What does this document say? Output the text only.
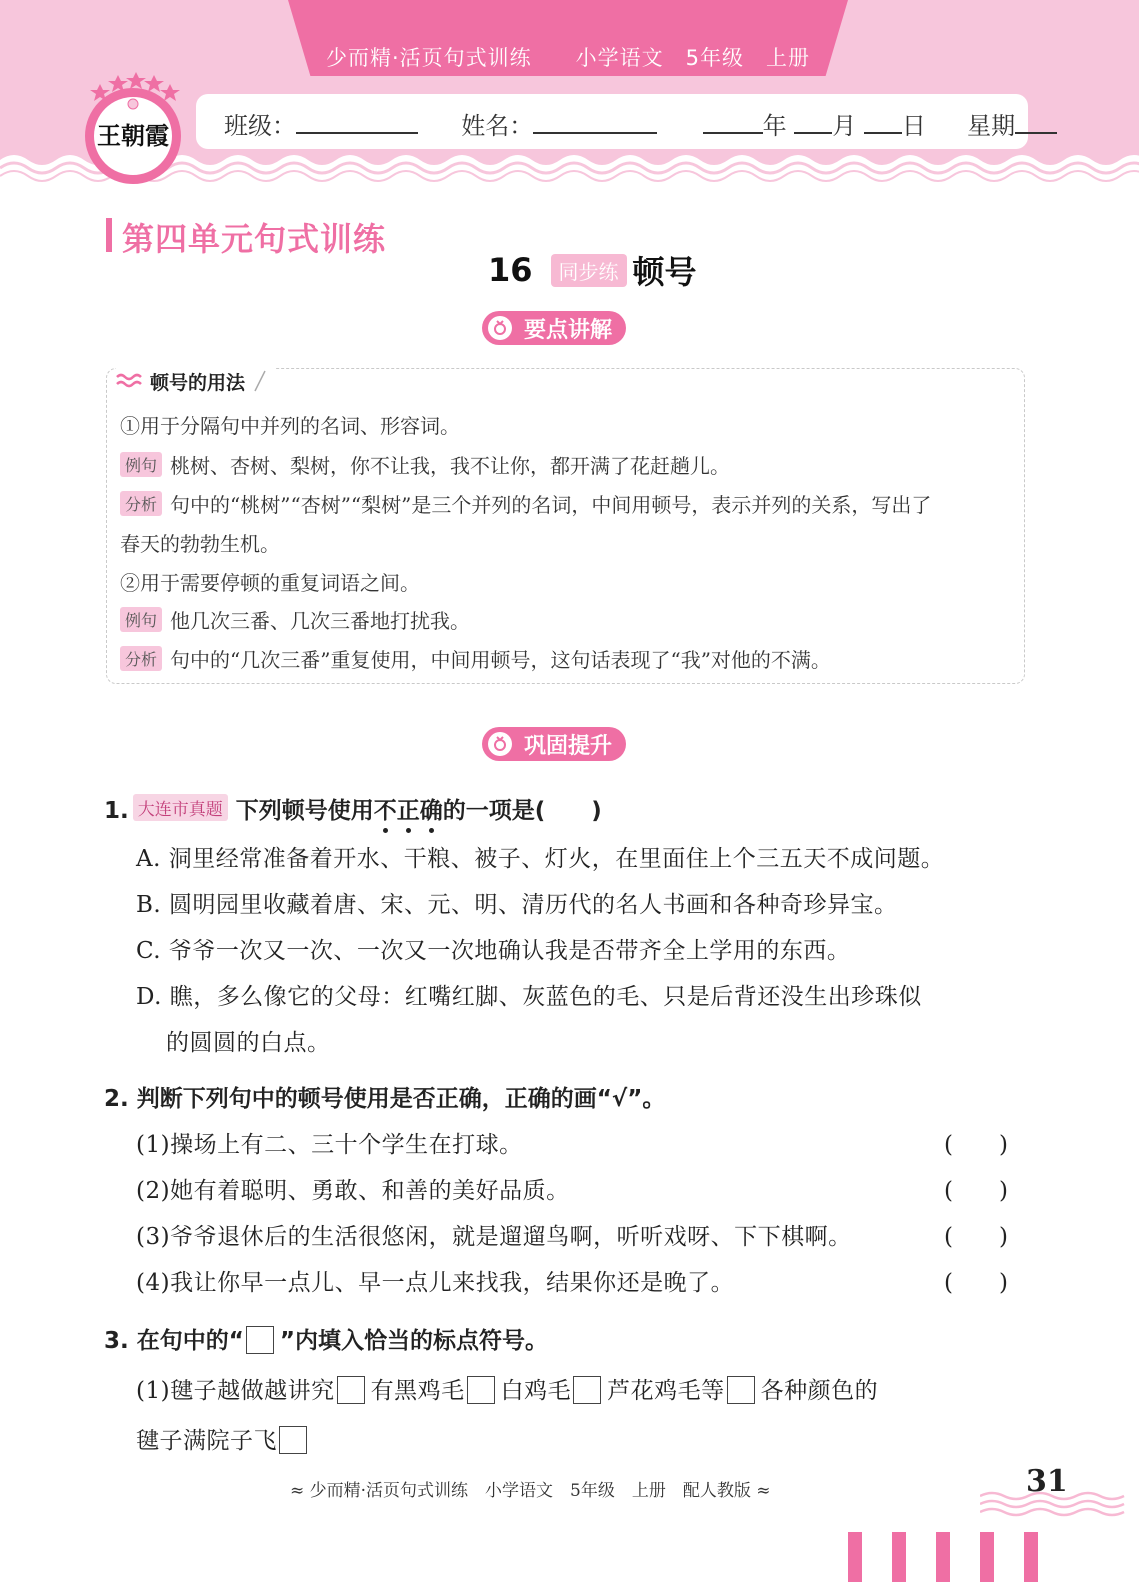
少而精·活页句式训练　　 小学语文　 5年级　 上册
班级：	姓名：	年 月 日 星期
王朝霞
第四单元句式训练
16	同步练 顿号
要点讲解
顿号的用法
①用于分隔句中并列的名词、形容词。
例句 桃树、杏树、梨树，你不让我，我不让你，都开满了花赶趟儿。
分析 句中的“桃树”“杏树”“梨树”是三个并列的名词，中间用顿号，表示并列的关系，写出了
春天的勃勃生机。
②用于需要停顿的重复词语之间。
例句 他几次三番、几次三番地打扰我。
分析 句中的“几次三番”重复使用，中间用顿号，这句话表现了“我”对他的不满。
巩固提升
1. 大连市真题 下列顿号使用不正确的一项是(　　)
A. 洞里经常准备着开水、干粮、被子、灯火，在里面住上个三五天不成问题。
B. 圆明园里收藏着唐、宋、元、明、清历代的名人书画和各种奇珍异宝。
C. 爷爷一次又一次、一次又一次地确认我是否带齐全上学用的东西。
D. 瞧，多么像它的父母：红嘴红脚、灰蓝色的毛、只是后背还没生出珍珠似
的圆圆的白点。
2. 判断下列句中的顿号使用是否正确，正确的画“√”。
(1)操场上有二、三十个学生在打球。	(　　)
(2)她有着聪明、勇敢、和善的美好品质。	(　　)
(3)爷爷退休后的生活很悠闲，就是遛遛鸟啊，听听戏呀、下下棋啊。	(　　)
(4)我让你早一点儿、早一点儿来找我，结果你还是晚了。	(　　)
3. 在句中的“ ”内填入恰当的标点符号。
(1)毽子越做越讲究 有黑鸡毛 白鸡毛 芦花鸡毛等 各种颜色的
毽子满院子飞
≈ 少而精·活页句式训练　小学语文　5年级　上册　配人教版 ≈	31
